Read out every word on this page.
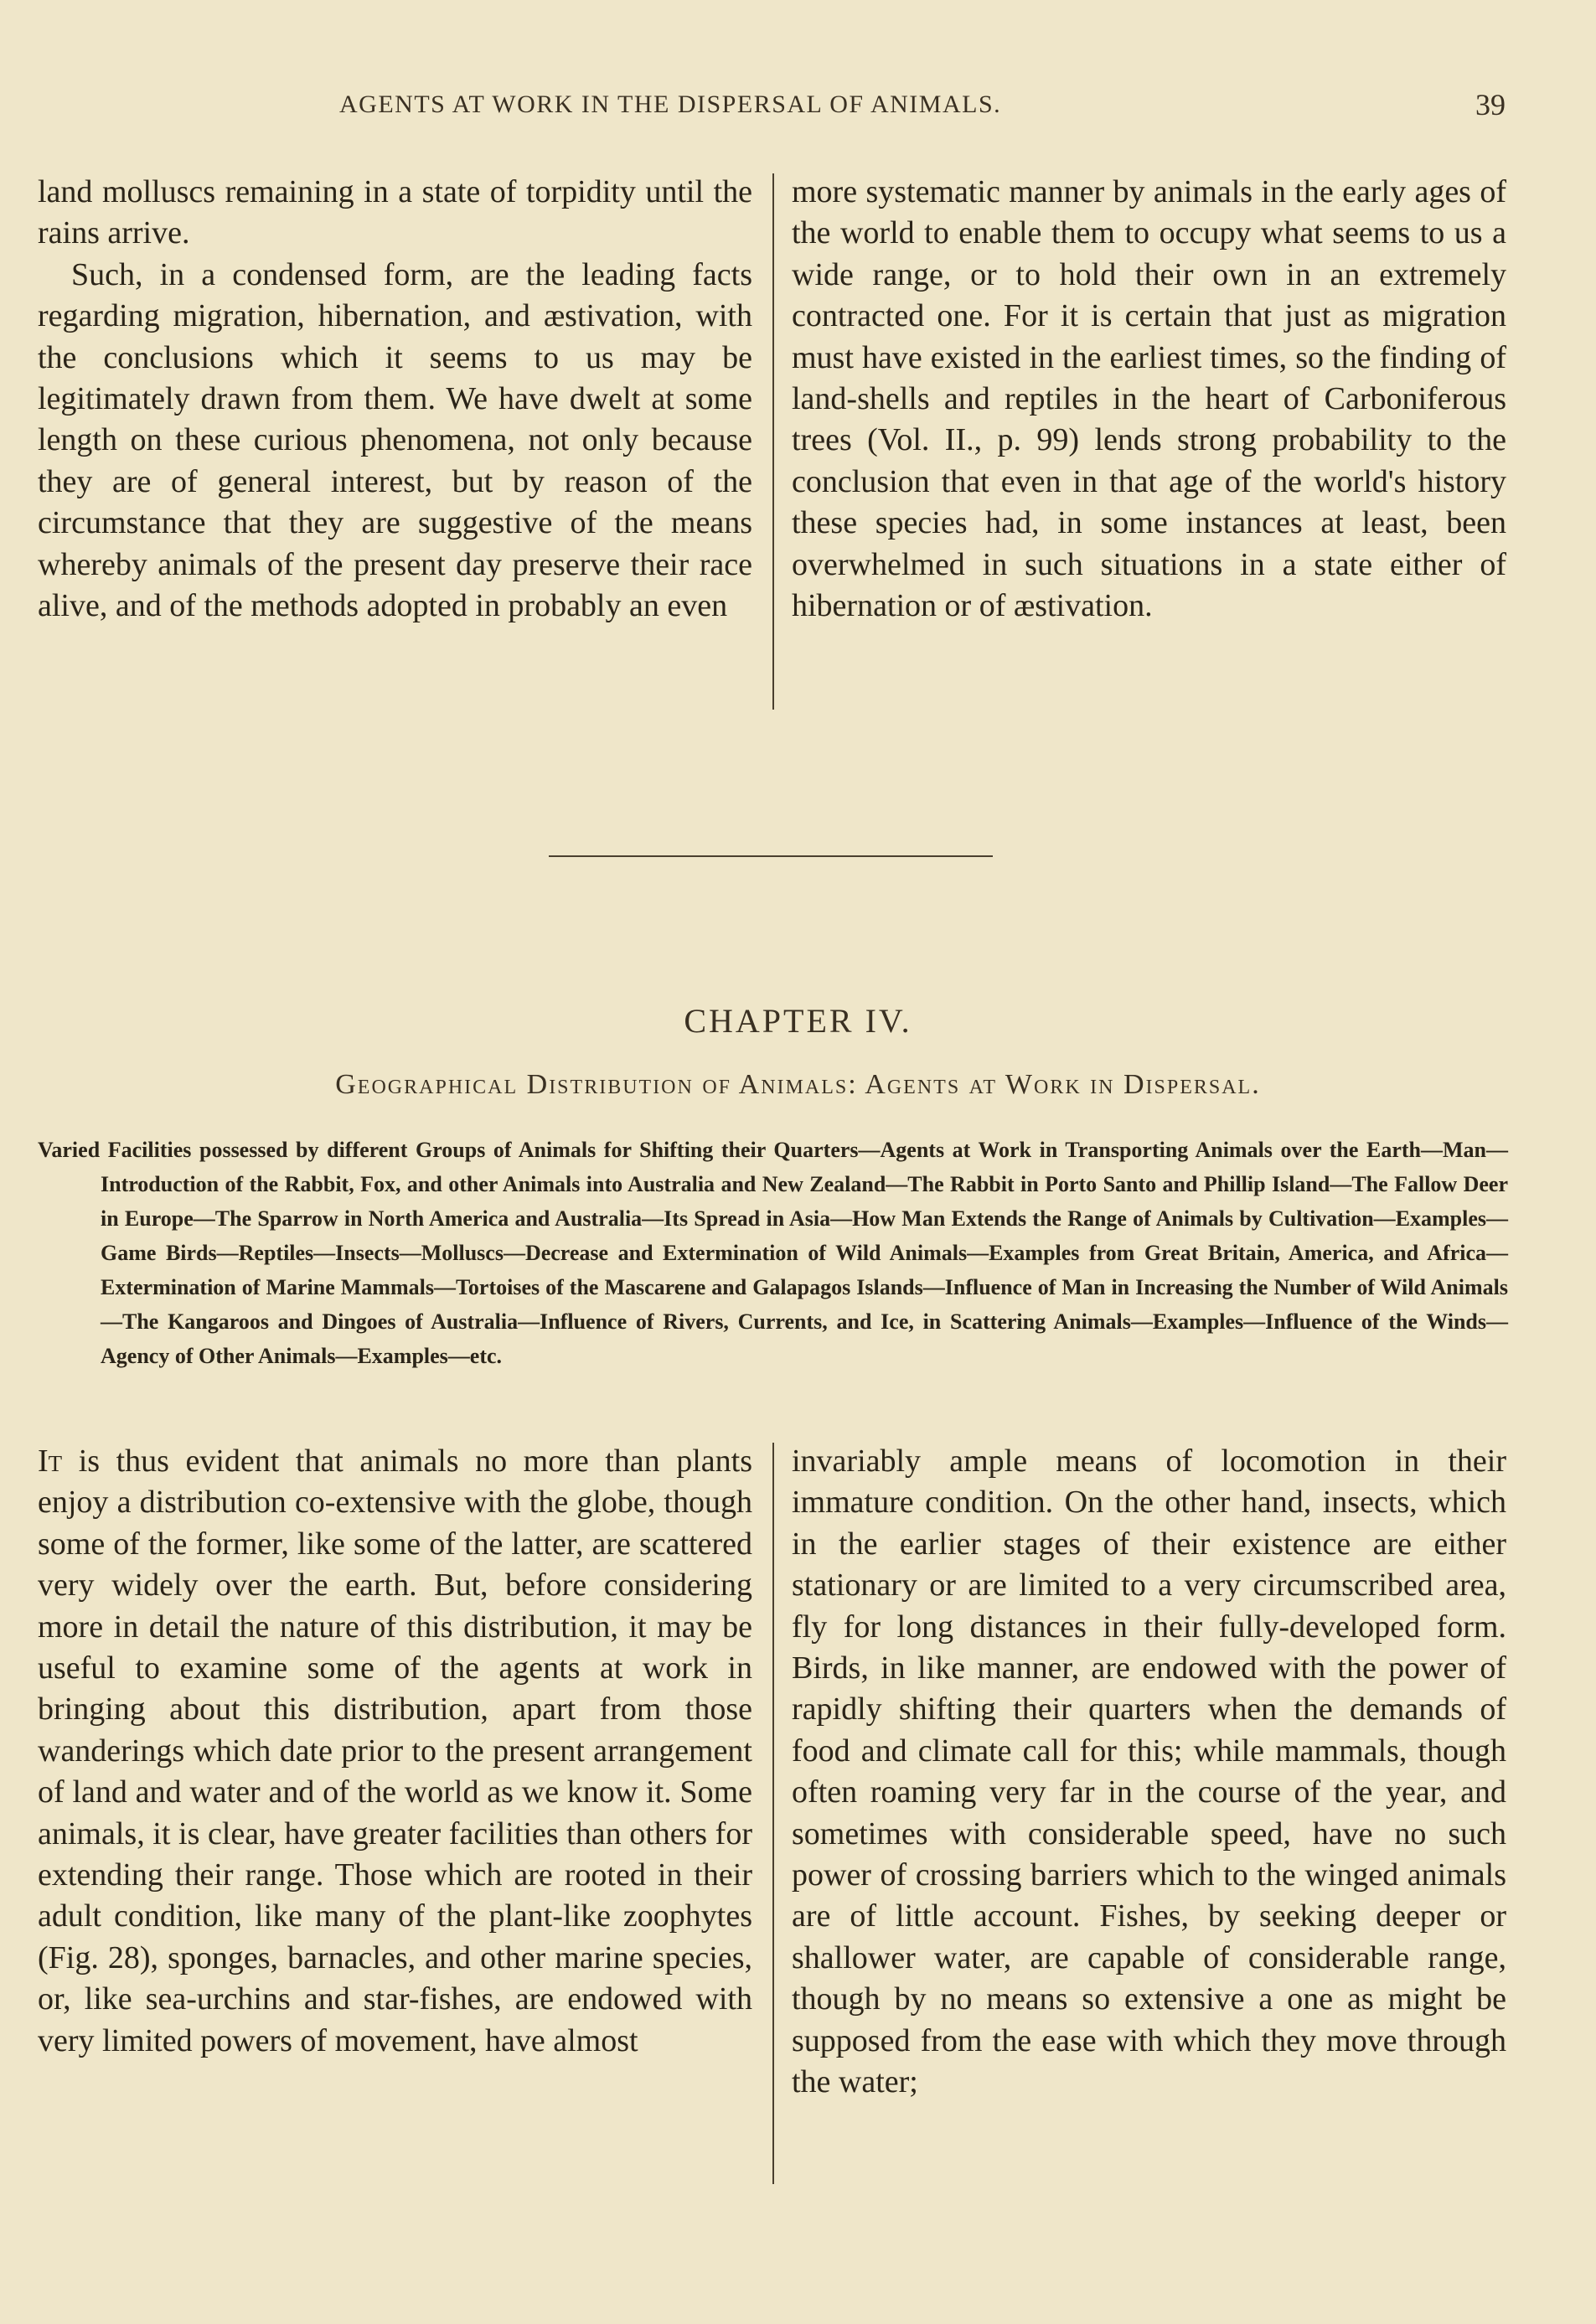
AGENTS AT WORK IN THE DISPERSAL OF ANIMALS.	39

land molluscs remaining in a state of torpidity until the rains arrive.

Such, in a condensed form, are the leading facts regarding migration, hibernation, and æstivation, with the conclusions which it seems to us may be legitimately drawn from them. We have dwelt at some length on these curious phenomena, not only because they are of general interest, but by reason of the circumstance that they are suggestive of the means whereby animals of the present day preserve their race alive, and of the methods adopted in probably an even

more systematic manner by animals in the early ages of the world to enable them to occupy what seems to us a wide range, or to hold their own in an extremely contracted one. For it is certain that just as migration must have existed in the earliest times, so the finding of land-shells and reptiles in the heart of Carboniferous trees (Vol. II., p. 99) lends strong probability to the conclusion that even in that age of the world's history these species had, in some instances at least, been overwhelmed in such situations in a state either of hibernation or of æstivation.

CHAPTER IV.
Geographical Distribution of Animals: Agents at Work in Dispersal.
Varied Facilities possessed by different Groups of Animals for Shifting their Quarters—Agents at Work in Transporting Animals over the Earth—Man—Introduction of the Rabbit, Fox, and other Animals into Australia and New Zealand—The Rabbit in Porto Santo and Phillip Island—The Fallow Deer in Europe—The Sparrow in North America and Australia—Its Spread in Asia—How Man Extends the Range of Animals by Cultivation—Examples—Game Birds—Reptiles—Insects—Molluscs—Decrease and Extermination of Wild Animals—Examples from Great Britain, America, and Africa—Extermination of Marine Mammals—Tortoises of the Mascarene and Galapagos Islands—Influence of Man in Increasing the Number of Wild Animals—The Kangaroos and Dingoes of Australia—Influence of Rivers, Currents, and Ice, in Scattering Animals—Examples—Influence of the Winds—Agency of Other Animals—Examples—etc.

It is thus evident that animals no more than plants enjoy a distribution co-extensive with the globe, though some of the former, like some of the latter, are scattered very widely over the earth. But, before considering more in detail the nature of this distribution, it may be useful to examine some of the agents at work in bringing about this distribution, apart from those wanderings which date prior to the present arrangement of land and water and of the world as we know it. Some animals, it is clear, have greater facilities than others for extending their range. Those which are rooted in their adult condition, like many of the plant-like zoophytes (Fig. 28), sponges, barnacles, and other marine species, or, like sea-urchins and star-fishes, are endowed with very limited powers of movement, have almost

invariably ample means of locomotion in their immature condition. On the other hand, insects, which in the earlier stages of their existence are either stationary or are limited to a very circumscribed area, fly for long distances in their fully-developed form. Birds, in like manner, are endowed with the power of rapidly shifting their quarters when the demands of food and climate call for this; while mammals, though often roaming very far in the course of the year, and sometimes with considerable speed, have no such power of crossing barriers which to the winged animals are of little account. Fishes, by seeking deeper or shallower water, are capable of considerable range, though by no means so extensive a one as might be supposed from the ease with which they move through the water;
